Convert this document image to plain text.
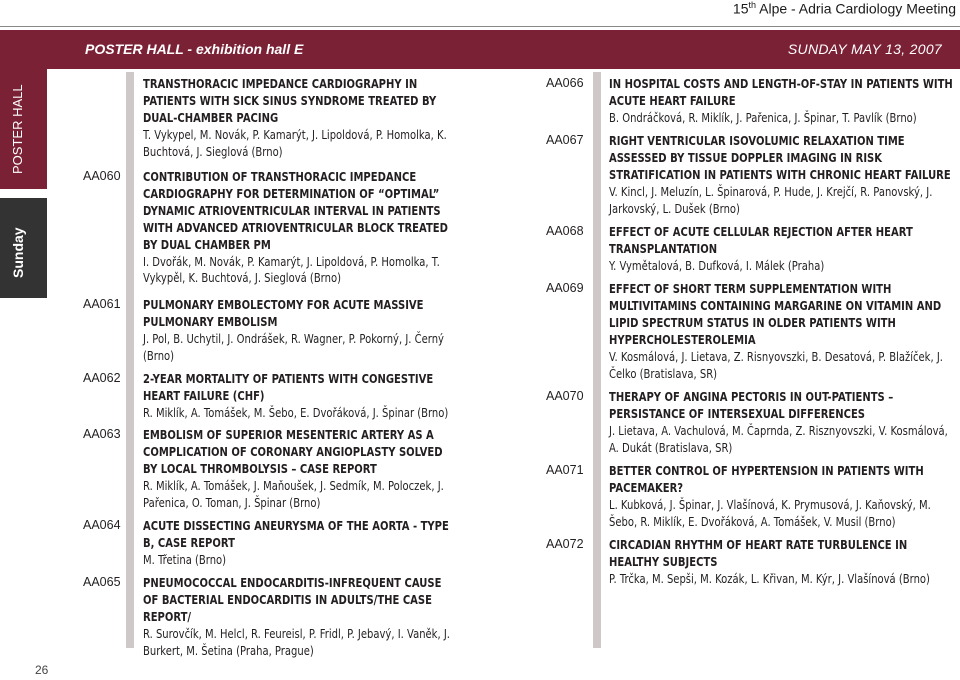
15th Alpe - Adria Cardiology Meeting
POSTER HALL - exhibition hall E	SUNDAY MAY 13, 2007
POSTER HALL
Sunday
TRANSTHORACIC IMPEDANCE CARDIOGRAPHY IN PATIENTS WITH SICK SINUS SYNDROME TREATED BY DUAL-CHAMBER PACING
T. Vykypel, M. Novák, P. Kamarýt, J. Lipoldová, P. Homolka, K. Buchtová, J. Sieglová (Brno)
AA060 CONTRIBUTION OF TRANSTHORACIC IMPEDANCE CARDIOGRAPHY FOR DETERMINATION OF “OPTIMAL” DYNAMIC ATRIOVENTRICULAR INTERVAL IN PATIENTS WITH ADVANCED ATRIOVENTRICULAR BLOCK TREATED BY DUAL CHAMBER PM
I. Dvořák, M. Novák, P. Kamarýt, J. Lipoldová, P. Homolka, T. Vykypěl, K. Buchtová, J. Sieglová (Brno)
AA061 PULMONARY EMBOLECTOMY FOR ACUTE MASSIVE PULMONARY EMBOLISM
J. Pol, B. Uchytil, J. Ondrášek, R. Wagner, P. Pokorný, J. Černý (Brno)
AA062 2-YEAR MORTALITY OF PATIENTS WITH CONGESTIVE HEART FAILURE (CHF)
R. Miklík, A. Tomášek, M. Šebo, E. Dvořáková, J. Špinar (Brno)
AA063 EMBOLISM OF SUPERIOR MESENTERIC ARTERY AS A COMPLICATION OF CORONARY ANGIOPLASTY SOLVED BY LOCAL THROMBOLYSIS – CASE REPORT
R. Miklík, A. Tomášek, J. Maňoušek, J. Sedmík, M. Poloczek, J. Pařenica, O. Toman, J. Špinar (Brno)
AA064 ACUTE DISSECTING ANEURYSMA OF THE AORTA - TYPE B, CASE REPORT
M. Třetina (Brno)
AA065 PNEUMOCOCCAL ENDOCARDITIS-INFREQUENT CAUSE OF BACTERIAL ENDOCARDITIS IN ADULTS/THE CASE REPORT/
R. Surovčík, M. Helcl, R. Feureisl, P. Fridl, P. Jebavý, I. Vaněk, J. Burkert, M. Šetina (Praha, Prague)
AA066 IN HOSPITAL COSTS AND LENGTH-OF-STAY IN PATIENTS WITH ACUTE HEART FAILURE
B. Ondráčková, R. Miklík, J. Pařenica, J. Špinar, T. Pavlík (Brno)
AA067 RIGHT VENTRICULAR ISOVOLUMIC RELAXATION TIME ASSESSED BY TISSUE DOPPLER IMAGING IN RISK STRATIFICATION IN PATIENTS WITH CHRONIC HEART FAILURE
V. Kincl, J. Meluzín, L. Špinarová, P. Hude, J. Krejčí, R. Panovský, J. Jarkovský, L. Dušek (Brno)
AA068 EFFECT OF ACUTE CELLULAR REJECTION AFTER HEART TRANSPLANTATION
Y. Vymětalová, B. Dufková, I. Málek (Praha)
AA069 EFFECT OF SHORT TERM SUPPLEMENTATION WITH MULTIVITAMINS CONTAINING MARGARINE ON VITAMIN AND LIPID SPECTRUM STATUS IN OLDER PATIENTS WITH HYPERCHOLESTEROLEMIA
V. Kosmálová, J. Lietava, Z. Risnyovszki, B. Desatová, P. Blažíček, J. Čelko (Bratislava, SR)
AA070 THERAPY OF ANGINA PECTORIS IN OUT-PATIENTS – PERSISTANCE OF INTERSEXUAL DIFFERENCES
J. Lietava, A. Vachulová, M. Čaprnda, Z. Risznyovszki, V. Kosmálová, A. Dukát (Bratislava, SR)
AA071 BETTER CONTROL OF HYPERTENSION IN PATIENTS WITH PACEMAKER?
L. Kubková, J. Špinar, J. Vlašínová, K. Prymusová, J. Kaňovský, M. Šebo, R. Miklík, E. Dvořáková, A. Tomášek, V. Musil (Brno)
AA072 CIRCADIAN RHYTHM OF HEART RATE TURBULENCE IN HEALTHY SUBJECTS
P. Trčka, M. Sepši, M. Kozák, L. Křivan, M. Kýr, J. Vlašínová (Brno)
26
